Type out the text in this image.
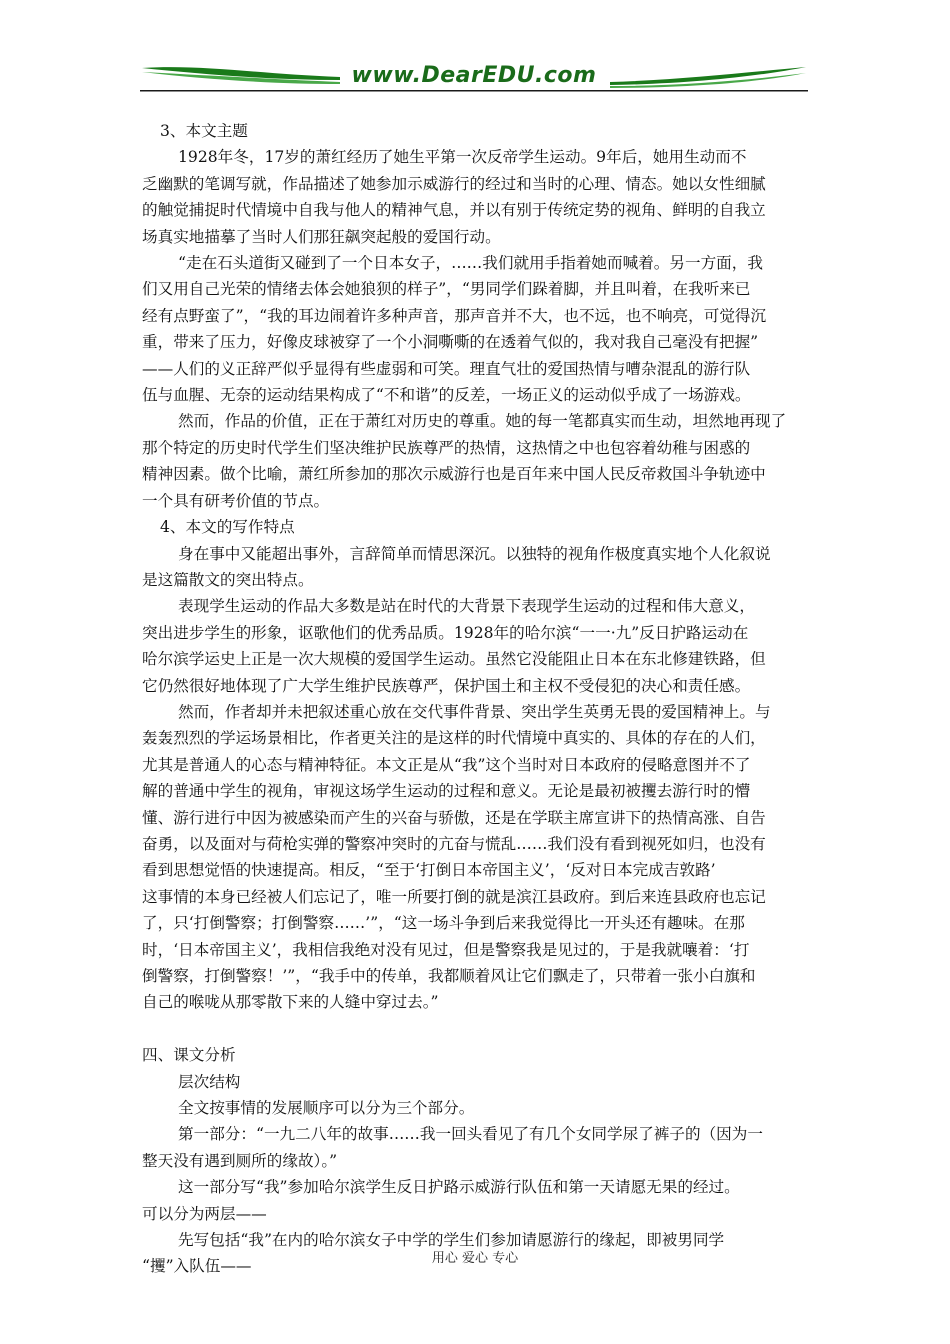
www.DearEDU.com

3、本文主题

1928年冬，17岁的萧红经历了她生平第一次反帝学生运动。9年后，她用生动而不

乏幽默的笔调写就，作品描述了她参加示威游行的经过和当时的心理、情态。她以女性细腻

的触觉捕捉时代情境中自我与他人的精神气息，并以有别于传统定势的视角、鲜明的自我立

场真实地描摹了当时人们那狂飙突起般的爱国行动。

“走在石头道街又碰到了一个日本女子，……我们就用手指着她而喊着。另一方面，我

们又用自己光荣的情绪去体会她狼狈的样子”，“男同学们跺着脚，并且叫着，在我听来已

经有点野蛮了”，“我的耳边闹着许多种声音，那声音并不大，也不远，也不响亮，可觉得沉

重，带来了压力，好像皮球被穿了一个小洞嘶嘶的在透着气似的，我对我自己毫没有把握”

——人们的义正辞严似乎显得有些虚弱和可笑。理直气壮的爱国热情与嘈杂混乱的游行队

伍与血腥、无奈的运动结果构成了“不和谐”的反差，一场正义的运动似乎成了一场游戏。

然而，作品的价值，正在于萧红对历史的尊重。她的每一笔都真实而生动，坦然地再现了

那个特定的历史时代学生们坚决维护民族尊严的热情，这热情之中也包容着幼稚与困惑的

精神因素。做个比喻，萧红所参加的那次示威游行也是百年来中国人民反帝救国斗争轨迹中

一个具有研考价值的节点。

4、本文的写作特点

身在事中又能超出事外，言辞简单而情思深沉。以独特的视角作极度真实地个人化叙说

是这篇散文的突出特点。

表现学生运动的作品大多数是站在时代的大背景下表现学生运动的过程和伟大意义，

突出进步学生的形象，讴歌他们的优秀品质。1928年的哈尔滨“一一·九”反日护路运动在

哈尔滨学运史上正是一次大规模的爱国学生运动。虽然它没能阻止日本在东北修建铁路，但

它仍然很好地体现了广大学生维护民族尊严，保护国土和主权不受侵犯的决心和责任感。

然而，作者却并未把叙述重心放在交代事件背景、突出学生英勇无畏的爱国精神上。与

轰轰烈烈的学运场景相比，作者更关注的是这样的时代情境中真实的、具体的存在的人们，

尤其是普通人的心态与精神特征。本文正是从“我”这个当时对日本政府的侵略意图并不了

解的普通中学生的视角，审视这场学生运动的过程和意义。无论是最初被攫去游行时的懵

懂、游行进行中因为被感染而产生的兴奋与骄傲，还是在学联主席宣讲下的热情高涨、自告

奋勇，以及面对与荷枪实弹的警察冲突时的亢奋与慌乱……我们没有看到视死如归，也没有

看到思想觉悟的快速提高。相反，“至于‘打倒日本帝国主义’，‘反对日本完成吉敦路’

这事情的本身已经被人们忘记了，唯一所要打倒的就是滨江县政府。到后来连县政府也忘记

了，只‘打倒警察；打倒警察……’”，“这一场斗争到后来我觉得比一开头还有趣味。在那

时，‘日本帝国主义’，我相信我绝对没有见过，但是警察我是见过的，于是我就嚷着：‘打

倒警察，打倒警察！’”，“我手中的传单，我都顺着风让它们飘走了，只带着一张小白旗和

自己的喉咙从那零散下来的人缝中穿过去。”

四、课文分析

层次结构

全文按事情的发展顺序可以分为三个部分。

第一部分：“一九二八年的故事……我一回头看见了有几个女同学尿了裤子的（因为一

整天没有遇到厕所的缘故）。”

这一部分写“我”参加哈尔滨学生反日护路示威游行队伍和第一天请愿无果的经过。

可以分为两层——

先写包括“我”在内的哈尔滨女子中学的学生们参加请愿游行的缘起，即被男同学

“攫”入队伍——	用心 爱心 专心
